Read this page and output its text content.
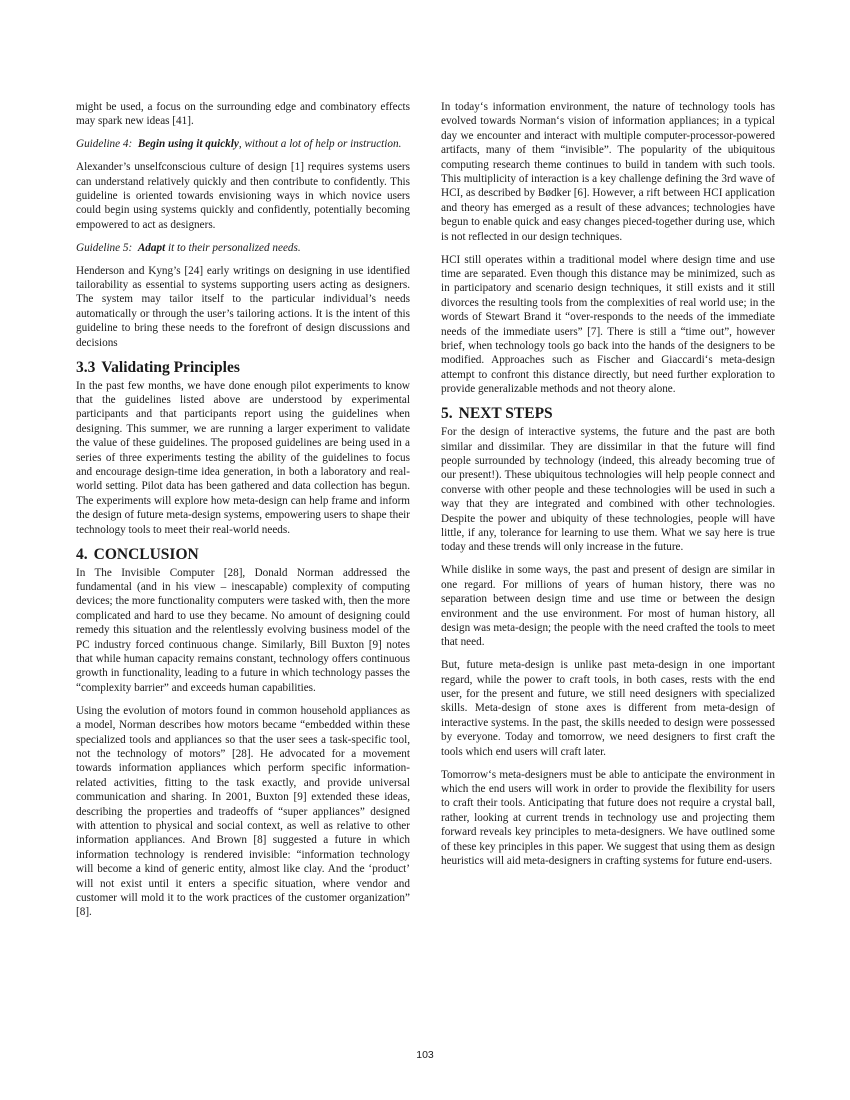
might be used, a focus on the surrounding edge and combinatory effects may spark new ideas [41].

Guideline 4: Begin using it quickly, without a lot of help or instruction.

Alexander’s unselfconscious culture of design [1] requires systems users can understand relatively quickly and then contribute to confidently. This guideline is oriented towards envisioning ways in which novice users could begin using systems quickly and confidently, potentially becoming empowered to act as designers.

Guideline 5: Adapt it to their personalized needs.

Henderson and Kyng’s [24] early writings on designing in use identified tailorability as essential to systems supporting users acting as designers. The system may tailor itself to the particular individual’s needs automatically or through the user’s tailoring actions. It is the intent of this guideline to bring these needs to the forefront of design discussions and decisions

3.3 Validating Principles

In the past few months, we have done enough pilot experiments to know that the guidelines listed above are understood by experimental participants and that participants report using the guidelines when designing. This summer, we are running a larger experiment to validate the value of these guidelines. The proposed guidelines are being used in a series of three experiments testing the ability of the guidelines to focus and encourage design-time idea generation, in both a laboratory and real-world setting. Pilot data has been gathered and data collection has begun. The experiments will explore how meta-design can help frame and inform the design of future meta-design systems, empowering users to shape their technology tools to meet their real-world needs.

4. CONCLUSION

In The Invisible Computer [28], Donald Norman addressed the fundamental (and in his view – inescapable) complexity of computing devices; the more functionality computers were tasked with, then the more complicated and hard to use they became. No amount of designing could remedy this situation and the relentlessly evolving business model of the PC industry forced continuous change. Similarly, Bill Buxton [9] notes that while human capacity remains constant, technology offers continuous growth in functionality, leading to a future in which technology passes the “complexity barrier” and exceeds human capabilities.

Using the evolution of motors found in common household appliances as a model, Norman describes how motors became “embedded within these specialized tools and appliances so that the user sees a task-specific tool, not the technology of motors” [28]. He advocated for a movement towards information appliances which perform specific information-related activities, fitting to the task exactly, and provide universal communication and sharing. In 2001, Buxton [9] extended these ideas, describing the properties and tradeoffs of “super appliances” designed with attention to physical and social context, as well as relative to other information appliances. And Brown [8] suggested a future in which information technology is rendered invisible: “information technology will become a kind of generic entity, almost like clay. And the ‘product’ will not exist until it enters a specific situation, where vendor and customer will mold it to the work practices of the customer organization” [8].

In today‘s information environment, the nature of technology tools has evolved towards Norman‘s vision of information appliances; in a typical day we encounter and interact with multiple computer-processor-powered artifacts, many of them “invisible”. The popularity of the ubiquitous computing research theme continues to build in tandem with such tools. This multiplicity of interaction is a key challenge defining the 3rd wave of HCI, as described by Bødker [6]. However, a rift between HCI application and theory has emerged as a result of these advances; technologies have begun to enable quick and easy changes pieced-together during use, which is not reflected in our design techniques.

HCI still operates within a traditional model where design time and use time are separated. Even though this distance may be minimized, such as in participatory and scenario design techniques, it still exists and it still divorces the resulting tools from the complexities of real world use; in the words of Stewart Brand it “over-responds to the needs of the immediate needs of the immediate users” [7]. There is still a “time out”, however brief, when technology tools go back into the hands of the designers to be modified. Approaches such as Fischer and Giaccardi‘s meta-design attempt to confront this distance directly, but need further exploration to provide generalizable methods and not theory alone.

5. NEXT STEPS

For the design of interactive systems, the future and the past are both similar and dissimilar. They are dissimilar in that the future will find people surrounded by technology (indeed, this already becoming true of our present!). These ubiquitous technologies will help people connect and converse with other people and these technologies will be used in such a way that they are integrated and combined with other technologies. Despite the power and ubiquity of these technologies, people will have little, if any, tolerance for learning to use them. What we say here is true today and these trends will only increase in the future.

While dislike in some ways, the past and present of design are similar in one regard. For millions of years of human history, there was no separation between design time and use time or between the design environment and the use environment. For most of human history, all design was meta-design; the people with the need crafted the tools to meet that need.

But, future meta-design is unlike past meta-design in one important regard, while the power to craft tools, in both cases, rests with the end user, for the present and future, we still need designers with specialized skills. Meta-design of stone axes is different from meta-design of interactive systems. In the past, the skills needed to design were possessed by everyone. Today and tomorrow, we need designers to first craft the tools which end users will craft later.

Tomorrow‘s meta-designers must be able to anticipate the environment in which the end users will work in order to provide the flexibility for users to craft their tools. Anticipating that future does not require a crystal ball, rather, looking at current trends in technology use and projecting them forward reveals key principles to meta-designers. We have outlined some of these key principles in this paper. We suggest that using them as design heuristics will aid meta-designers in crafting systems for future end-users.

103
